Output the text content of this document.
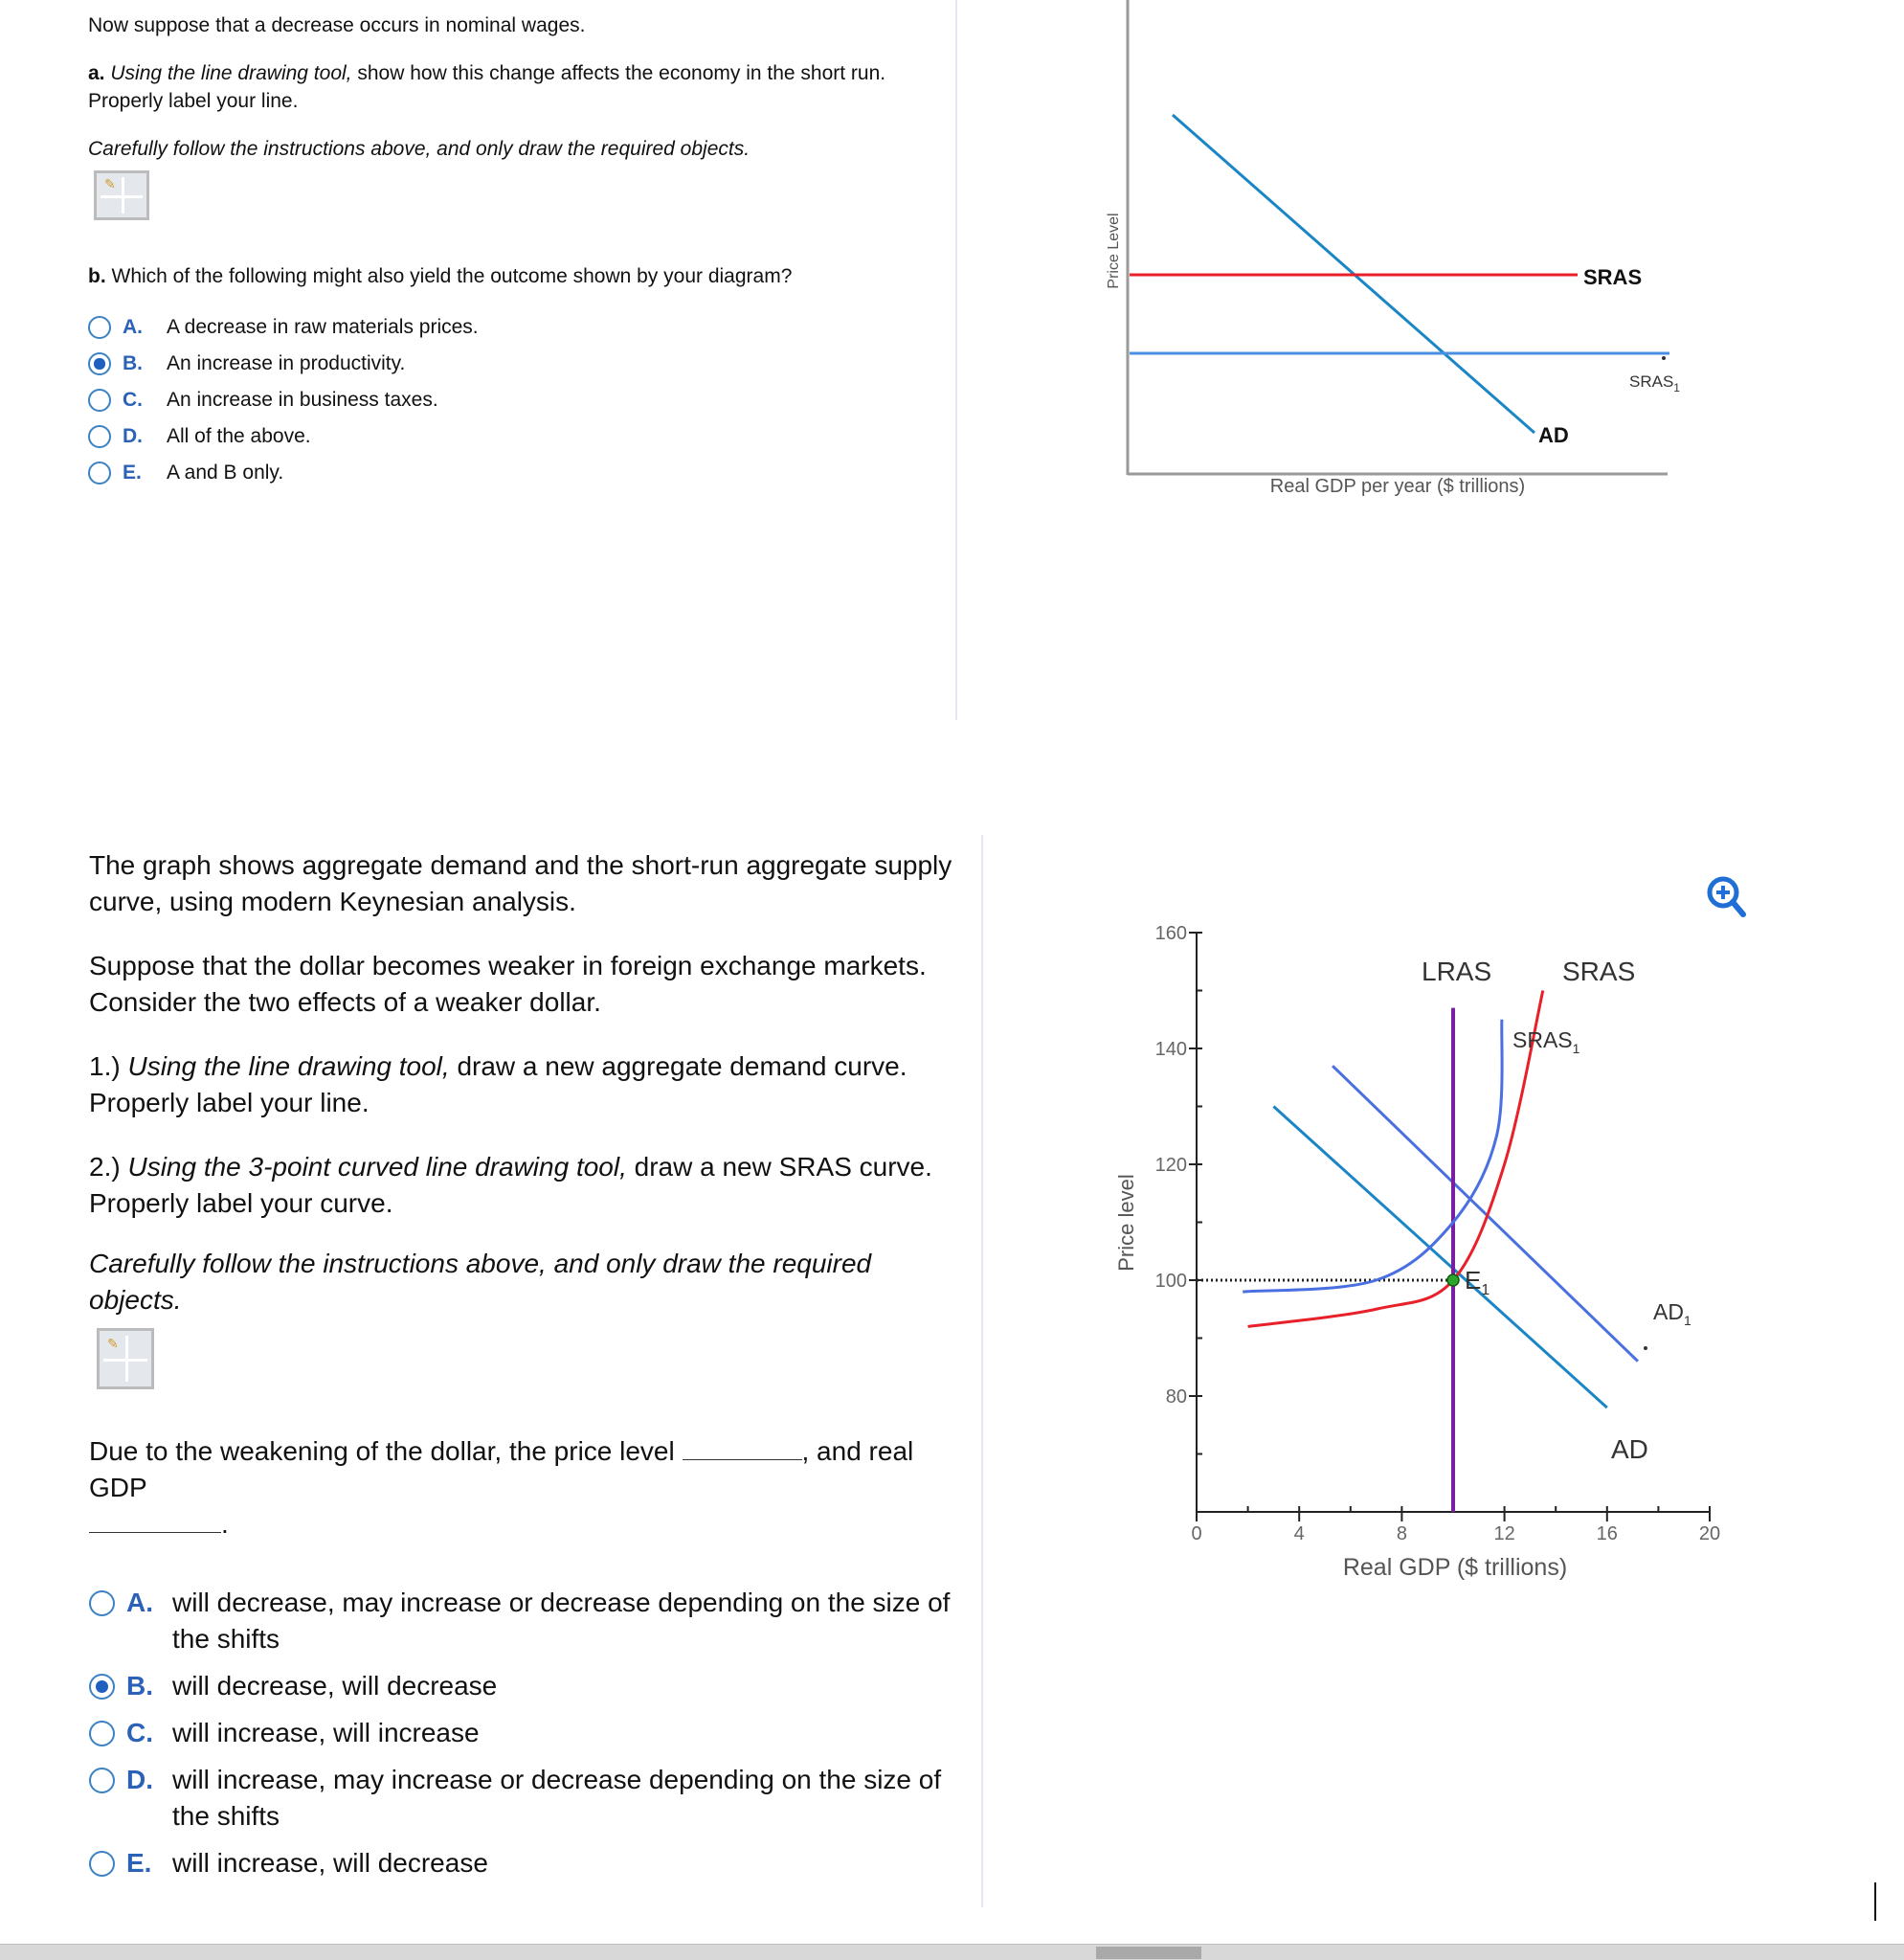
Now suppose that a decrease occurs in nominal wages.

a. Using the line drawing tool, show how this change affects the economy in the short run. Properly label your line.

Carefully follow the instructions above, and only draw the required objects.

✎

b. Which of the following might also yield the outcome shown by your diagram?

A.	A decrease in raw materials prices.
B.	An increase in productivity.
C.	An increase in business taxes.
D.	All of the above.
E.	A and B only.
Price Level	SRAS
$SRAS_1$
AD
Real GDP per year ($ trillions)

The graph shows aggregate demand and the short-run aggregate supply curve, using modern Keynesian analysis.

Suppose that the dollar becomes weaker in foreign exchange markets. Consider the two effects of a weaker dollar.

1.) Using the line drawing tool, draw a new aggregate demand curve. Properly label your line.

2.) Using the 3-point curved line drawing tool, draw a new SRAS curve. Properly label your curve.

Carefully follow the instructions above, and only draw the required objects.

✎

Due to the weakening of the dollar, the price level	, and real GDP
.

A. will decrease, may increase or decrease depending on the size of the shifts
B. will decrease, will decrease
C. will increase, will increase
D. will increase, may increase or decrease depending on the size of the shifts
E. will increase, will decrease
0	4	8	12	16	20
80
100
120
140
160
Price level
Real GDP ($ trillions)
LRAS	SRAS
$SRAS_1$
$E_1$
$AD_1$
AD
